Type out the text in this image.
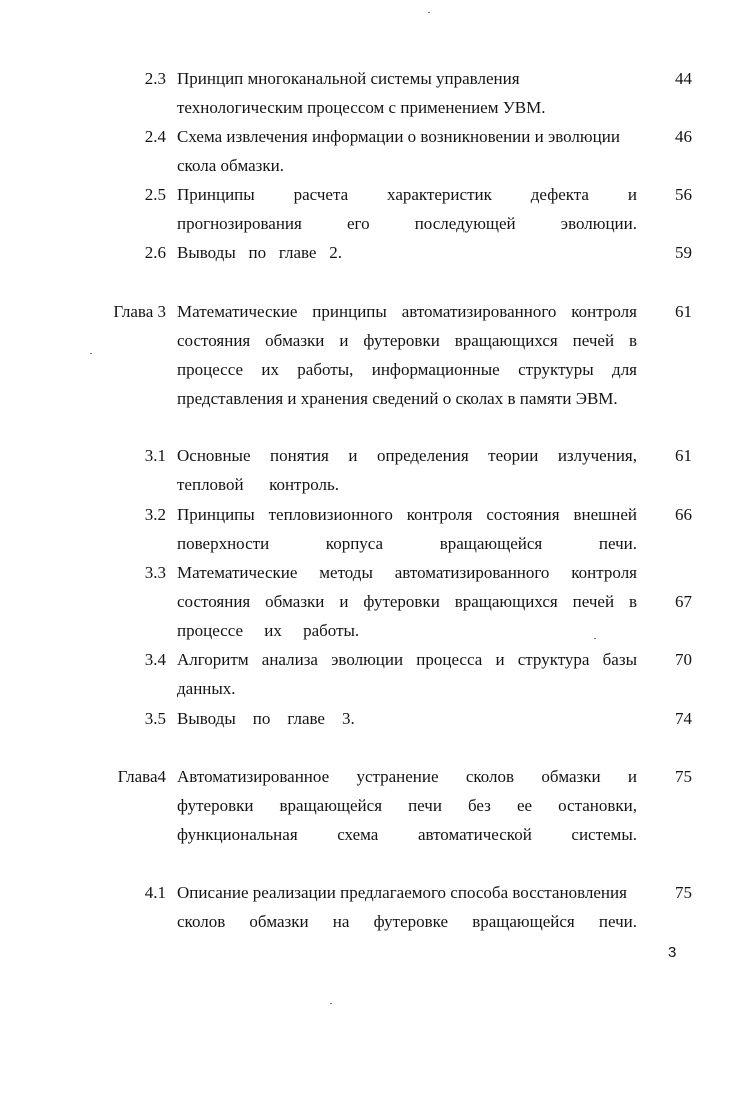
2.3 Принцип многоканальной системы управления
технологическим процессом с применением УВМ.
44
2.4 Схема извлечения информации о возникновении и эволюции
скола обмазки.
46
2.5 Принципы расчета характеристик дефекта и
прогнозирования его последующей эволюции.
56
2.6 Выводы   по   главе   2.	59
Глава 3 Математические принципы автоматизированного контроля
состояния обмазки и футеровки вращающихся печей в
процессе их работы, информационные структуры для
представления и хранения сведений о сколах в памяти ЭВМ.
61
3.1 Основные понятия и определения теории излучения,
тепловой      контроль.
61
3.2 Принципы тепловизионного контроля состояния внешней
поверхности корпуса вращающейся печи.
66
3.3 Математические методы автоматизированного контроля
состояния обмазки и футеровки вращающихся печей в
процессе     их     работы.
67
3.4 Алгоритм анализа эволюции процесса и структура базы
данных.
70
3.5 Выводы    по    главе    3.	74
Глава4 Автоматизированное устранение сколов обмазки и
футеровки вращающейся печи без ее остановки,
функциональная схема автоматической системы.
75
4.1 Описание реализации предлагаемого способа восстановления
сколов обмазки на футеровке вращающейся печи.
75
3
